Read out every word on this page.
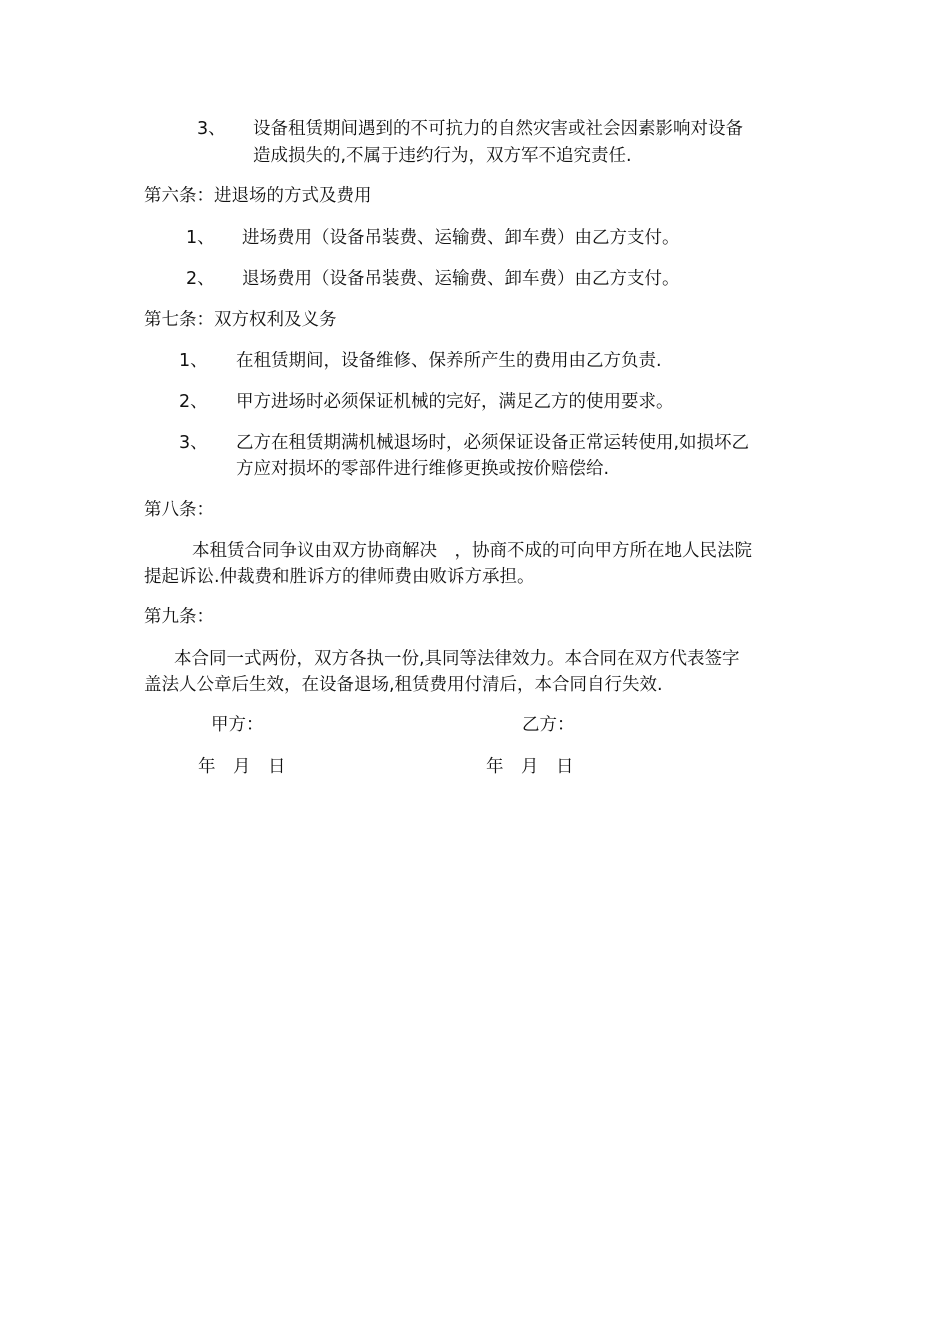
3、 设备租赁期间遇到的不可抗力的自然灾害或社会因素影响对设备
造成损失的,不属于违约行为，双方军不追究责任.
第六条：进退场的方式及费用
1、 进场费用（设备吊装费、运输费、卸车费）由乙方支付。
2、 退场费用（设备吊装费、运输费、卸车费）由乙方支付。
第七条：双方权利及义务
1、 在租赁期间，设备维修、保养所产生的费用由乙方负责.
2、 甲方进场时必须保证机械的完好，满足乙方的使用要求。
3、 乙方在租赁期满机械退场时，必须保证设备正常运转使用,如损坏乙
方应对损坏的零部件进行维修更换或按价赔偿给.
第八条：
本租赁合同争议由双方协商解决　，协商不成的可向甲方所在地人民法院
提起诉讼.仲裁费和胜诉方的律师费由败诉方承担。
第九条：
本合同一式两份，双方各执一份,具同等法律效力。本合同在双方代表签字
盖法人公章后生效，在设备退场,租赁费用付清后，本合同自行失效.
甲方：	乙方：
年　月　日	年　月　日
